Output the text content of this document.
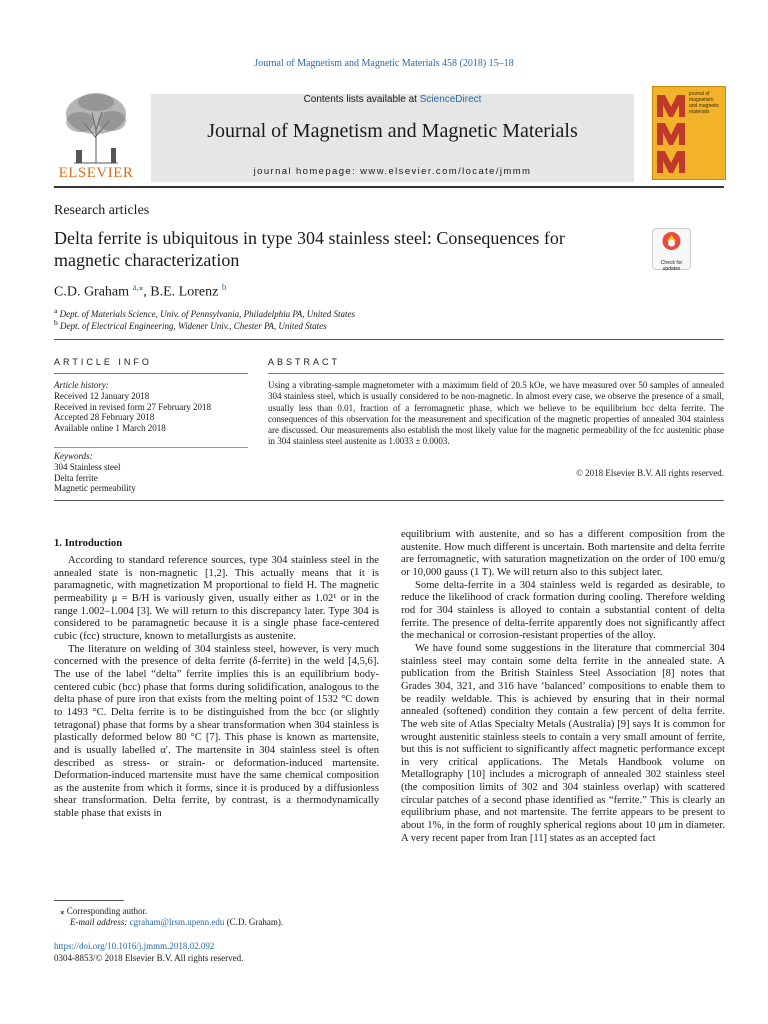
Journal of Magnetism and Magnetic Materials 458 (2018) 15–18
ELSEVIER
Contents lists available at ScienceDirect
Journal of Magnetism and Magnetic Materials
journal homepage: www.elsevier.com/locate/jmmm
journal of magnetism and magnetic materials
Research articles
Delta ferrite is ubiquitous in type 304 stainless steel: Consequences for magnetic characterization	Check for updates
C.D. Graham $^{a,⁎}$, B.E. Lorenz $^b$
$^a$ Dept. of Materials Science, Univ. of Pennsylvania, Philadelphia PA, United States
$^b$ Dept. of Electrical Engineering, Widener Univ., Chester PA, United States
ARTICLE INFO	ABSTRACT
Article history:
Received 12 January 2018
Received in revised form 27 February 2018
Accepted 28 February 2018
Available online 1 March 2018
Keywords:
304 Stainless steel
Delta ferrite
Magnetic permeability
Using a vibrating-sample magnetometer with a maximum field of 20.5 kOe, we have measured over 50 samples of annealed 304 stainless steel, which is usually considered to be non-magnetic. In almost every case, we observe the presence of a small, usually less than 0.01, fraction of a ferromagnetic phase, which we believe to be equilibrium bcc delta ferrite. The consequences of this observation for the measurement and specification of the magnetic properties of annealed 304 stainless are discussed. Our measurements also establish the most likely value for the magnetic permeability of the fcc austenitic phase in 304 stainless steel austenite as 1.0033 ± 0.0003.
© 2018 Elsevier B.V. All rights reserved.
1. Introduction

According to standard reference sources, type 304 stainless steel in the annealed state is non-magnetic [1,2]. This actually means that it is paramagnetic, with magnetization M proportional to field H. The magnetic permeability μ = B/H is variously given, usually either as 1.02¹ or in the range 1.002–1.004 [3]. We will return to this discrepancy later. Type 304 is considered to be paramagnetic because it is a single phase face-centered cubic (fcc) structure, known to metallurgists as austenite.

The literature on welding of 304 stainless steel, however, is very much concerned with the presence of delta ferrite (δ-ferrite) in the weld [4,5,6]. The use of the label “delta” ferrite implies this is an equilibrium body-centered cubic (bcc) phase that forms during solidification, analogous to the delta phase of pure iron that exists from the melting point of 1532 °C down to 1493 °C. Delta ferrite is to be distinguished from the bcc (or slightly tetragonal) phase that forms by a shear transformation when 304 stainless is plastically deformed below 80 °C [7]. This phase is known as martensite, and is usually labelled α′. The martensite in 304 stainless steel is often described as stress- or strain- or deformation-induced martensite. Deformation-induced martensite must have the same chemical composition as the austenite from which it forms, since it is produced by a diffusionless shear transformation. Delta ferrite, by contrast, is a thermodynamically stable phase that exists in

equilibrium with austenite, and so has a different composition from the austenite. How much different is uncertain. Both martensite and delta ferrite are ferromagnetic, with saturation magnetization on the order of 100 emu/g or 10,000 gauss (1 T). We will return also to this subject later.

Some delta-ferrite in a 304 stainless weld is regarded as desirable, to reduce the likelihood of crack formation during cooling. Therefore welding rod for 304 stainless is alloyed to contain a substantial content of delta ferrite. The presence of delta-ferrite apparently does not significantly affect the mechanical or corrosion-resistant properties of the alloy.

We have found some suggestions in the literature that commercial 304 stainless steel may contain some delta ferrite in the annealed state. A publication from the British Stainless Steel Association [8] notes that Grades 304, 321, and 316 have ‘balanced’ compositions to enable them to be readily weldable. This is achieved by ensuring that in their normal annealed (softened) condition they contain a few percent of delta ferrite. The web site of Atlas Specialty Metals (Australia) [9] says It is common for wrought austenitic stainless steels to contain a very small amount of ferrite, but this is not sufficient to significantly affect magnetic performance except in very critical applications. The Metals Handbook volume on Metallography [10] includes a micrograph of annealed 302 stainless steel (the composition limits of 302 and 304 stainless overlap) with scattered circular patches of a second phase identified as “ferrite.” This is clearly an equilibrium phase, and not martensite. The ferrite appears to be present to about 1%, in the form of roughly spherical regions about 10 μm in diameter. A very recent paper from Iran [11] states as an accepted fact

⁎ Corresponding author.
E-mail address: cgraham@lrsm.upenn.edu (C.D. Graham).
https://doi.org/10.1016/j.jmmm.2018.02.092
0304-8853/© 2018 Elsevier B.V. All rights reserved.
